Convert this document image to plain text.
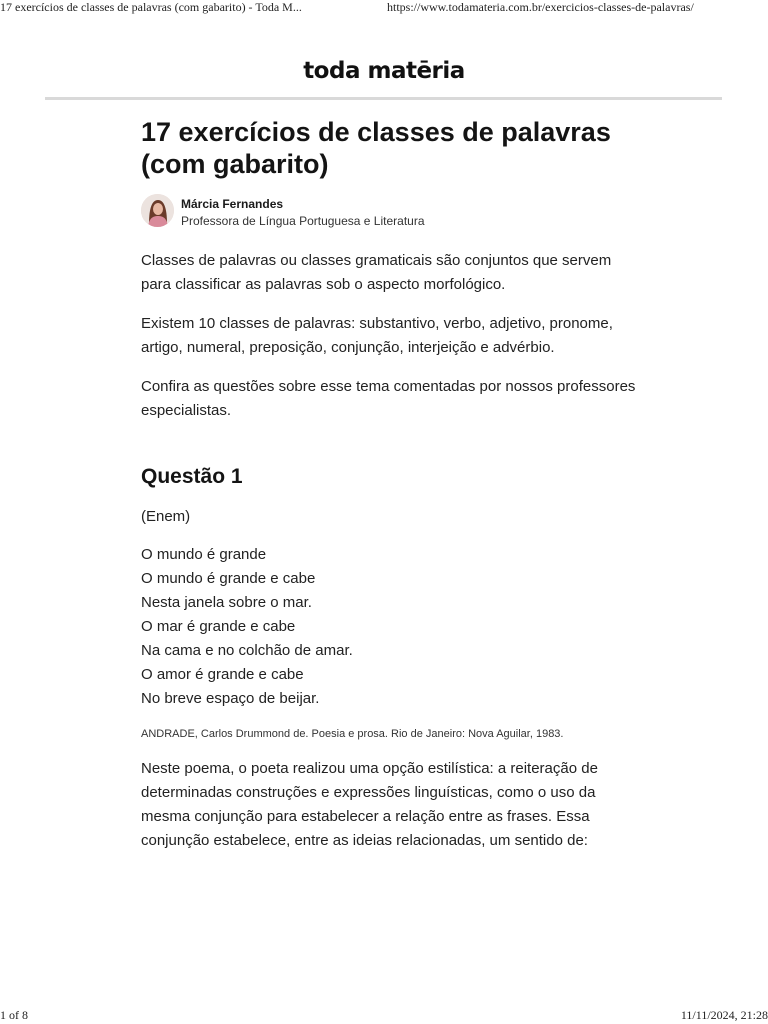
17 exercícios de classes de palavras (com gabarito) - Toda M...	https://www.todamateria.com.br/exercicios-classes-de-palavras/
toda matēria
17 exercícios de classes de palavras (com gabarito)
Márcia Fernandes
Professora de Língua Portuguesa e Literatura

Classes de palavras ou classes gramaticais são conjuntos que servem para classificar as palavras sob o aspecto morfológico.

Existem 10 classes de palavras: substantivo, verbo, adjetivo, pronome, artigo, numeral, preposição, conjunção, interjeição e advérbio.

Confira as questões sobre esse tema comentadas por nossos professores especialistas.

Questão 1

(Enem)

O mundo é grande
O mundo é grande e cabe
Nesta janela sobre o mar.
O mar é grande e cabe
Na cama e no colchão de amar.
O amor é grande e cabe
No breve espaço de beijar.

ANDRADE, Carlos Drummond de. Poesia e prosa. Rio de Janeiro: Nova Aguilar, 1983.

Neste poema, o poeta realizou uma opção estilística: a reiteração de determinadas construções e expressões linguísticas, como o uso da mesma conjunção para estabelecer a relação entre as frases. Essa conjunção estabelece, entre as ideias relacionadas, um sentido de:

1 of 8	11/11/2024, 21:28
